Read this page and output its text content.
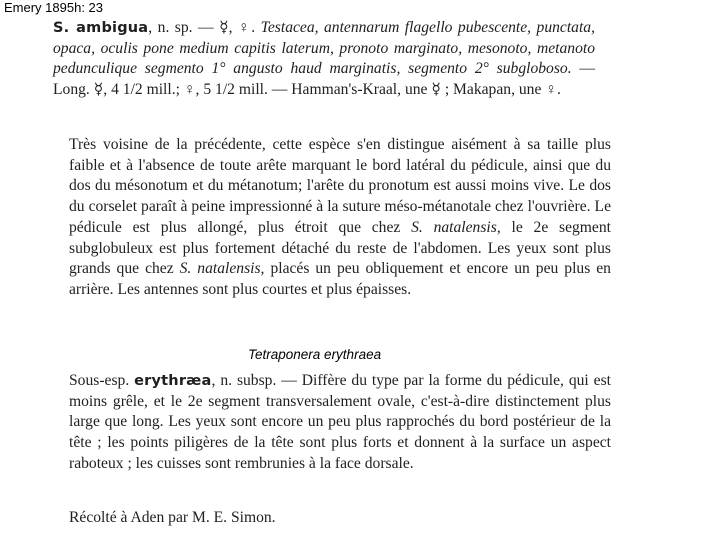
Emery 1895h: 23
S. ambigua, n. sp. — ☿, ♀. Testacea, antennarum flagello pubescente, punctata, opaca, oculis pone medium capitis laterum, pronoto marginato, mesonoto, metanoto pedunculique segmento 1° angusto haud marginatis, segmento 2° subgloboso. — Long. ☿, 4 1/2 mill.; ♀, 5 1/2 mill. — Hamman's-Kraal, une ☿ ; Makapan, une ♀.
Très voisine de la précédente, cette espèce s'en distingue aisément à sa taille plus faible et à l'absence de toute arête marquant le bord latéral du pédicule, ainsi que du dos du mésonotum et du métanotum; l'arête du pronotum est aussi moins vive. Le dos du corselet paraît à peine impressionné à la suture méso-métanotale chez l'ouvrière. Le pédicule est plus allongé, plus étroit que chez S. natalensis, le 2e segment subglobuleux est plus fortement détaché du reste de l'abdomen. Les yeux sont plus grands que chez S. natalensis, placés un peu obliquement et encore un peu plus en arrière. Les antennes sont plus courtes et plus épaisses.
Tetraponera erythraea
Sous-esp. erythræa, n. subsp. — Diffère du type par la forme du pédicule, qui est moins grêle, et le 2e segment transversalement ovale, c'est-à-dire distinctement plus large que long. Les yeux sont encore un peu plus rapprochés du bord postérieur de la tête ; les points piligères de la tête sont plus forts et donnent à la surface un aspect raboteux ; les cuisses sont rembrunies à la face dorsale.
Récolté à Aden par M. E. Simon.
